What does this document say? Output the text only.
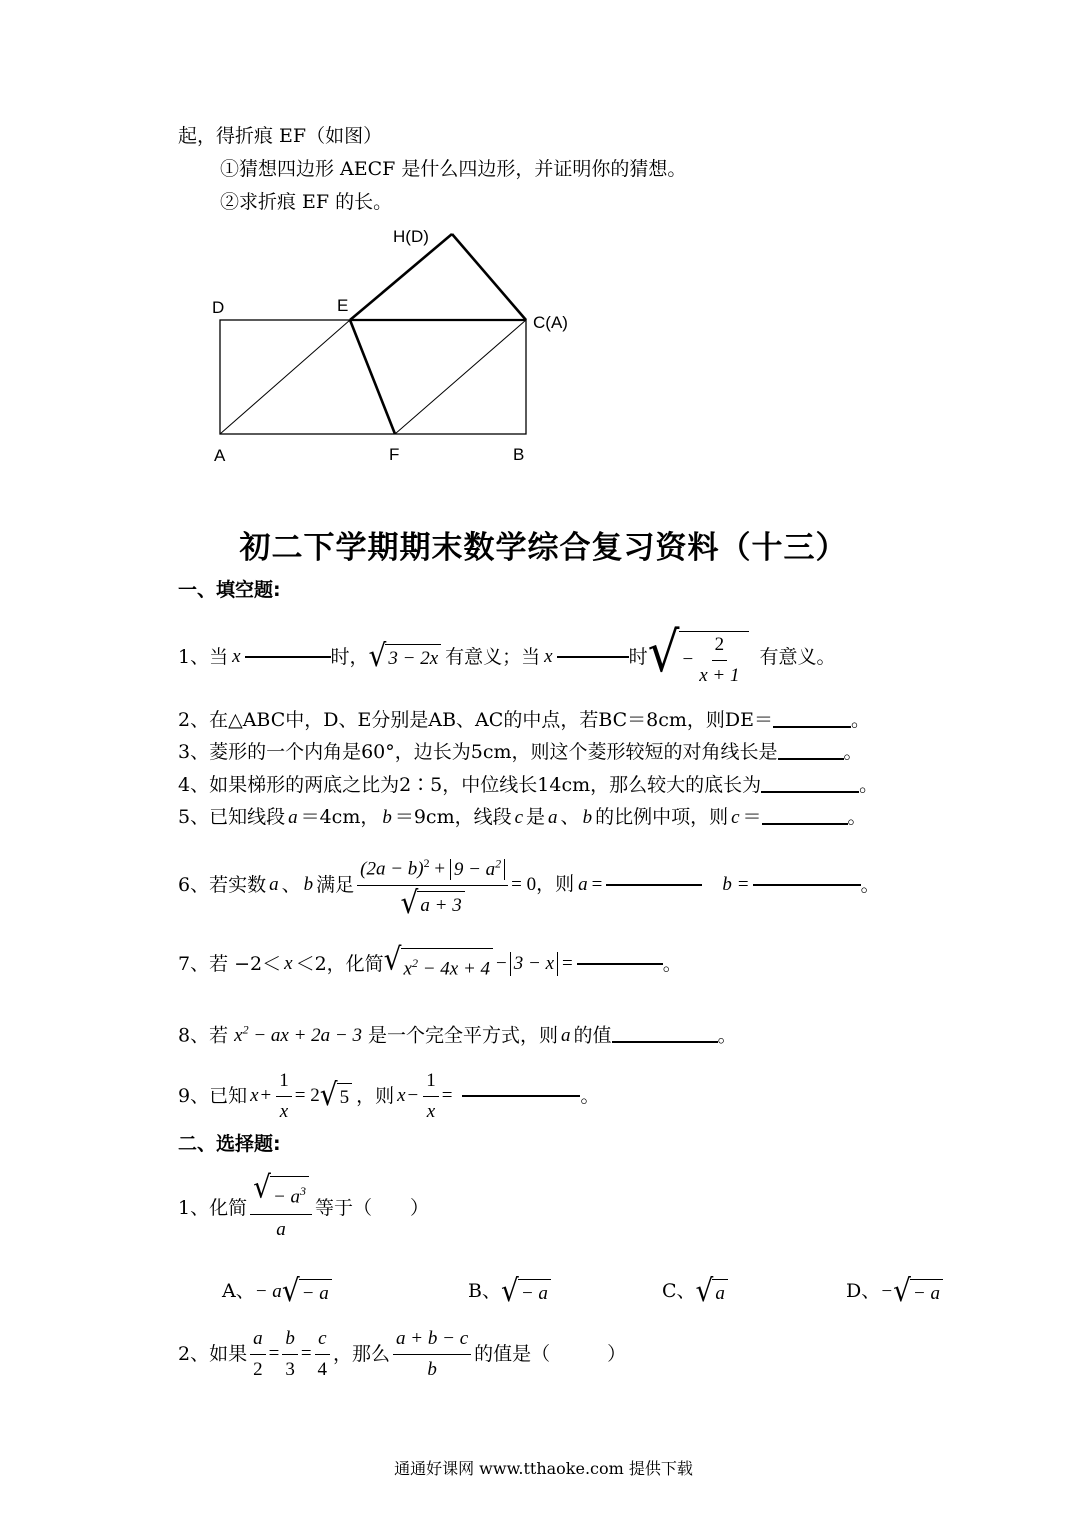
起，得折痕 EF（如图）
①猜想四边形 AECF 是什么四边形，并证明你的猜想。
②求折痕 EF 的长。
H(D)
D	E
C(A)
A	F	B
初二下学期期末数学综合复习资料（十三）
一、填空题:
1、当 x	时， √ 3 − 2x 有意义；当 x	时 √ − $\frac{2}{x + 1}$ 有意义。
2、在△ABC中，D、E分别是AB、AC的中点，若BC＝8cm，则DE＝	。
3、菱形的一个内角是60°，边长为5cm，则这个菱形较短的对角线长是	。
4、如果梯形的两底之比为2∶5，中位线长14cm，那么较大的底长为	。
5、已知线段 a ＝4cm， b ＝9cm，线段 c 是 a 、 b 的比例中项，则 c ＝	。
6、若实数 a 、 b 满足 $\frac{(2a - b)^2 + 9 - a^2}{√ a + 3} = 0$，则 a =	b =	。
7、若 −2＜ x ＜2，化简 √ $x^2 - 4x + 4 - 3 - x$ =	。
8、若 $x^2$ − ax + 2a − 3 是一个完全平方式，则 a 的值	。
9、已知 $x + \frac{1}{x} = 2$ √ 5 ，则 $x - \frac{1}{x}$ =	。
二、选择题:
1、化简 $\frac{√ - a^3}{a}$ 等于（　　）
A、− a √ − a	B、 √ − a	C、 √ a	D、− √ − a
2、如果 $\frac{a}{2} = \frac{b}{3} = \frac{c}{4}$ ，那么 $\frac{a + b - c}{b}$ 的值是（　　　）
通通好课网 www.tthaoke.com 提供下载
